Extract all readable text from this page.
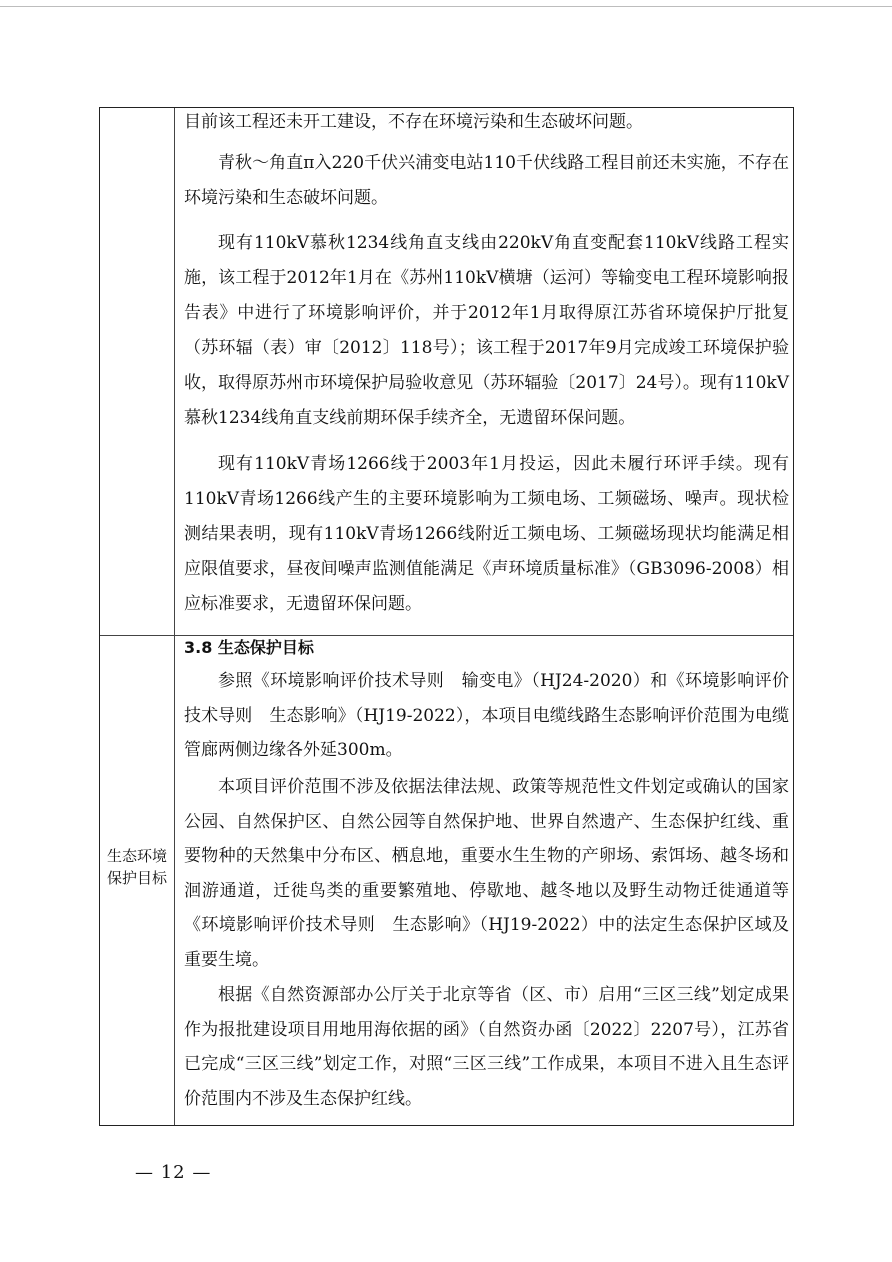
目前该工程还未开工建设，不存在环境污染和生态破坏问题。
青秋～角直π入220千伏兴浦变电站110千伏线路工程目前还未实施，不存在环境污染和生态破坏问题。
现有110kV慕秋1234线角直支线由220kV角直变配套110kV线路工程实施，该工程于2012年1月在《苏州110kV横塘（运河）等输变电工程环境影响报告表》中进行了环境影响评价，并于2012年1月取得原江苏省环境保护厅批复（苏环辐（表）审〔2012〕118号）；该工程于2017年9月完成竣工环境保护验收，取得原苏州市环境保护局验收意见（苏环辐验〔2017〕24号）。现有110kV慕秋1234线角直支线前期环保手续齐全，无遗留环保问题。
现有110kV青场1266线于2003年1月投运，因此未履行环评手续。现有110kV青场1266线产生的主要环境影响为工频电场、工频磁场、噪声。现状检测结果表明，现有110kV青场1266线附近工频电场、工频磁场现状均能满足相应限值要求，昼夜间噪声监测值能满足《声环境质量标准》（GB3096-2008）相应标准要求，无遗留环保问题。
生态环境保护目标
3.8 生态保护目标
参照《环境影响评价技术导则　输变电》（HJ24-2020）和《环境影响评价技术导则　生态影响》（HJ19-2022），本项目电缆线路生态影响评价范围为电缆管廊两侧边缘各外延300m。
本项目评价范围不涉及依据法律法规、政策等规范性文件划定或确认的国家公园、自然保护区、自然公园等自然保护地、世界自然遗产、生态保护红线、重要物种的天然集中分布区、栖息地，重要水生生物的产卵场、索饵场、越冬场和洄游通道，迁徙鸟类的重要繁殖地、停歇地、越冬地以及野生动物迁徙通道等《环境影响评价技术导则　生态影响》（HJ19-2022）中的法定生态保护区域及重要生境。
根据《自然资源部办公厅关于北京等省（区、市）启用“三区三线”划定成果作为报批建设项目用地用海依据的函》（自然资办函〔2022〕2207号），江苏省已完成“三区三线”划定工作，对照“三区三线”工作成果，本项目不进入且生态评价范围内不涉及生态保护红线。
— 12 —
